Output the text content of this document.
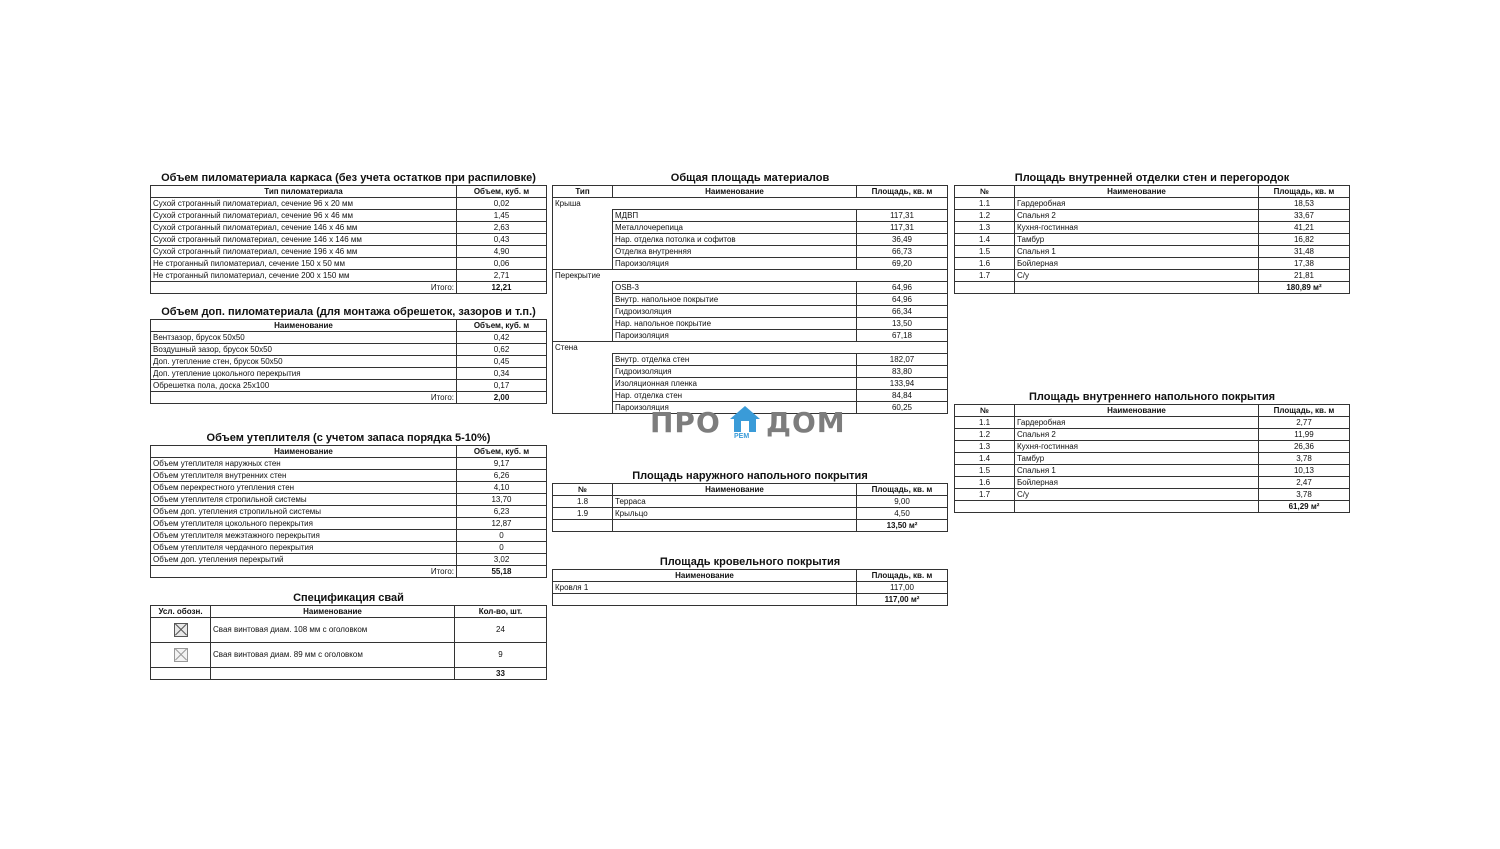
Объем пиломатериала каркаса (без учета остатков при распиловке)
Тип пиломатериала	Объем, куб. м
Сухой строганный пиломатериал, сечение 96 х 20 мм	0,02
Сухой строганный пиломатериал, сечение 96 х 46 мм	1,45
Сухой строганный пиломатериал, сечение 146 х 46 мм	2,63
Сухой строганный пиломатериал, сечение 146 х 146 мм	0,43
Сухой строганный пиломатериал, сечение 196 х 46 мм	4,90
Не строганный пиломатериал, сечение 150 х 50 мм	0,06
Не строганный пиломатериал, сечение 200 х 150 мм	2,71
Итого:	12,21
Объем доп. пиломатериала (для монтажа обрешеток, зазоров и т.п.)
Наименование	Объем, куб. м
Вентзазор, брусок 50х50	0,42
Воздушный зазор, брусок 50х50	0,62
Доп. утепление стен, брусок 50х50	0,45
Доп. утепление цокольного перекрытия	0,34
Обрешетка пола, доска 25х100	0,17
Итого:	2,00
Объем утеплителя (с учетом запаса порядка 5-10%)
Наименование	Объем, куб. м
Объем утеплителя наружных стен	9,17
Объем утеплителя внутренних стен	6,26
Объем перекрестного утепления стен	4,10
Объем утеплителя стропильной системы	13,70
Объем доп. утепления стропильной системы	6,23
Объем утеплителя цокольного перекрытия	12,87
Объем утеплителя межэтажного перекрытия	0
Объем утеплителя чердачного перекрытия	0
Объем доп. утепления перекрытий	3,02
Итого:	55,18
Спецификация свай
Усл. обозн.	Наименование	Кол-во, шт.
	Свая винтовая диам. 108 мм с оголовком	24
	Свая винтовая диам. 89 мм с оголовком	9
		33
Общая площадь материалов
Тип	Наименование	Площадь, кв. м
Крыша		
	МДВП	117,31
	Металлочерепица	117,31
	Нар. отделка потолка и софитов	36,49
	Отделка внутренняя	66,73
	Пароизоляция	69,20
Перекрытие		
	OSB-3	64,96
	Внутр. напольное покрытие	64,96
	Гидроизоляция	66,34
	Нар. напольное покрытие	13,50
	Пароизоляция	67,18
Стена		
	Внутр. отделка стен	182,07
	Гидроизоляция	83,80
	Изоляционная пленка	133,94
	Нар. отделка стен	84,84
	Пароизоляция	60,25
ПРО ДОМ
РЕМ
Площадь наружного напольного покрытия
№	Наименование	Площадь, кв. м
1.8	Терраса	9,00
1.9	Крыльцо	4,50
		13,50 м²
Площадь кровельного покрытия
Наименование	Площадь, кв. м
Кровля 1	117,00
	117,00 м²
Площадь внутренней отделки стен и перегородок
№	Наименование	Площадь, кв. м
1.1	Гардеробная	18,53
1.2	Спальня 2	33,67
1.3	Кухня-гостинная	41,21
1.4	Тамбур	16,82
1.5	Спальня 1	31,48
1.6	Бойлерная	17,38
1.7	С/у	21,81
		180,89 м²
Площадь внутреннего напольного покрытия
№	Наименование	Площадь, кв. м
1.1	Гардеробная	2,77
1.2	Спальня 2	11,99
1.3	Кухня-гостинная	26,36
1.4	Тамбур	3,78
1.5	Спальня 1	10,13
1.6	Бойлерная	2,47
1.7	С/у	3,78
		61,29 м²
